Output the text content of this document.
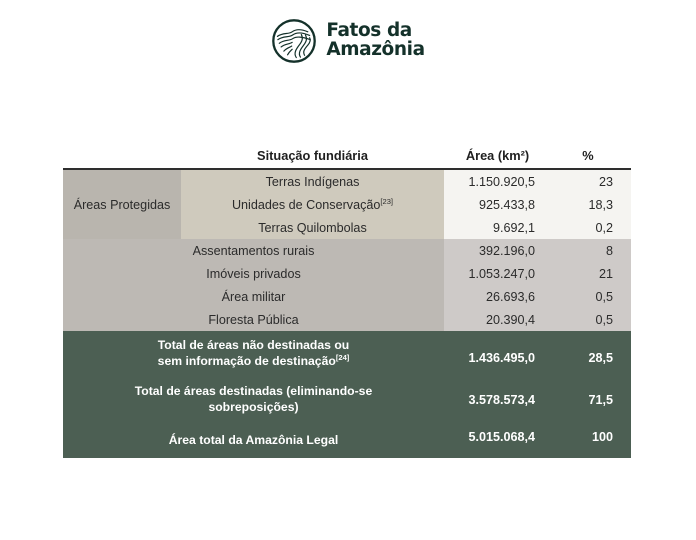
Fatos da
Amazônia
	Situação fundiária	Área (km²)	%

Áreas Protegidas	Terras Indígenas	1.150.920,5	23
	Unidades de Conservação[23]	925.433,8	18,3
	Terras Quilombolas	9.692,1	0,2
Assentamentos rurais		392.196,0	8
Imóveis privados		1.053.247,0	21
Área militar		26.693,6	0,5
Floresta Pública		20.390,4	0,5
Total de áreas não destinadas ou
sem informação de destinação[24]		1.436.495,0	28,5
Total de áreas destinadas (eliminando-se
sobreposições)		3.578.573,4	71,5
Área total da Amazônia Legal		5.015.068,4	100
